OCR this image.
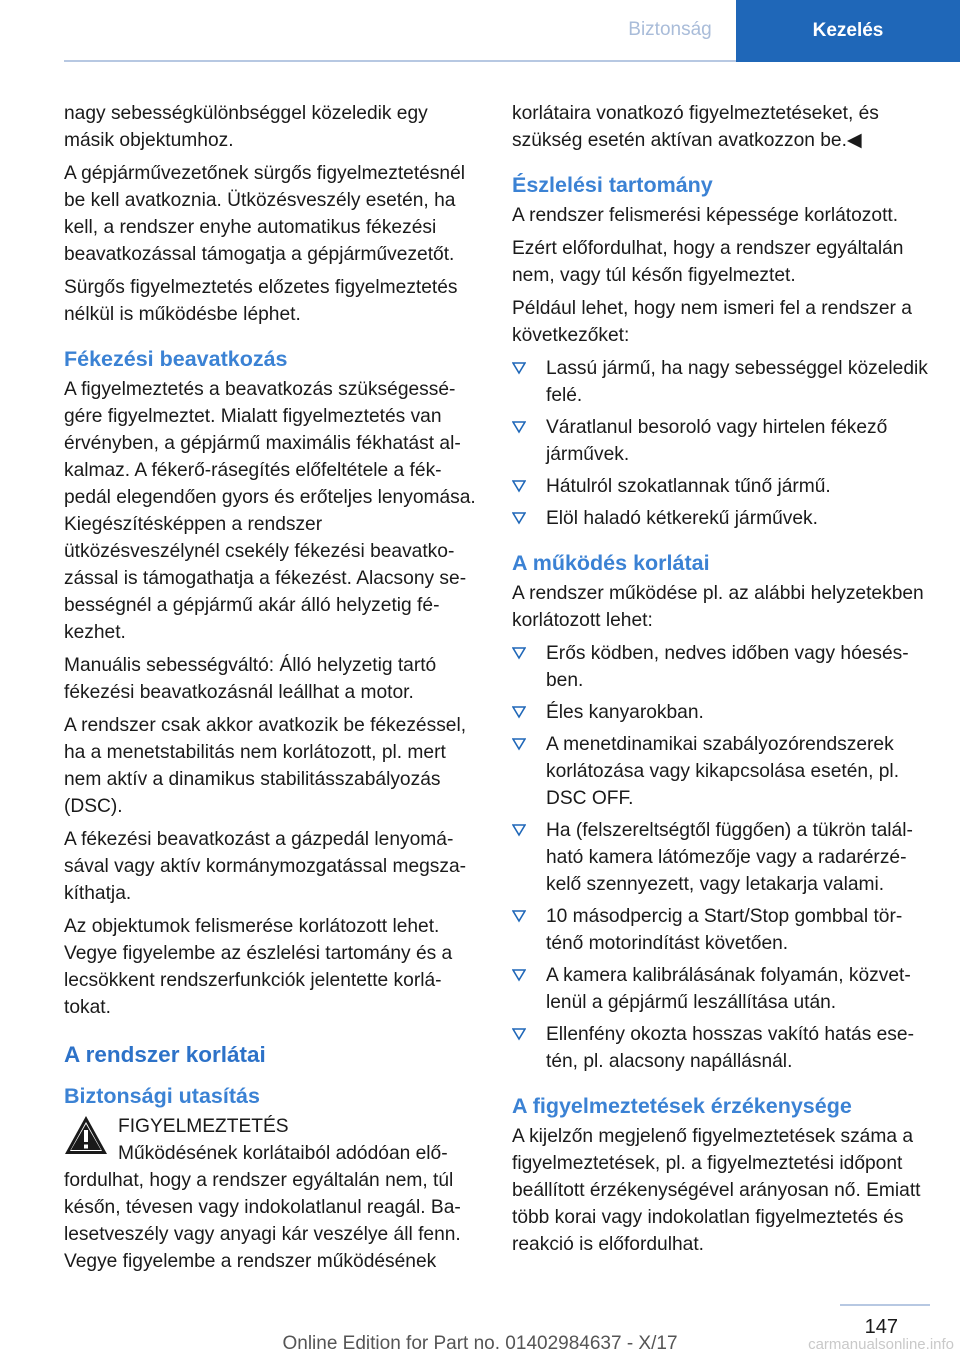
Biztonság	Kezelés

nagy sebességkülönbséggel közeledik egy másik objektumhoz.

A gépjárművezetőnek sürgős figyelmeztetésnél be kell avatkoznia. Ütközésveszély esetén, ha kell, a rendszer enyhe automatikus fékezési beavatkozással támogatja a gépjárművezetőt.

Sürgős figyelmeztetés előzetes figyelmeztetés nélkül is működésbe léphet.

Fékezési beavatkozás

A figyelmeztetés a beavatkozás szükségességére figyelmeztet. Mialatt figyelmeztetés van érvényben, a gépjármű maximális fékhatást alkalmaz. A fékerő-rásegítés előfeltétele a fékpedál elegendően gyors és erőteljes lenyomása. Kiegészítésképpen a rendszer ütközésveszélynél csekély fékezési beavatkozással is támogathatja a fékezést. Alacsony sebességnél a gépjármű akár álló helyzetig fékezhet.

Manuális sebességváltó: Álló helyzetig tartó fékezési beavatkozásnál leállhat a motor.

A rendszer csak akkor avatkozik be fékezéssel, ha a menetstabilitás nem korlátozott, pl. mert nem aktív a dinamikus stabilitásszabályozás (DSC).

A fékezési beavatkozást a gázpedál lenyomásával vagy aktív kormánymozgatással megszakíthatja.

Az objektumok felismerése korlátozott lehet. Vegye figyelembe az észlelési tartomány és a lecsökkent rendszerfunkciók jelentette korlátokat.

A rendszer korlátai
Biztonsági utasítás
FIGYELMEZTETÉS
Működésének korlátaiból adódóan előfordulhat, hogy a rendszer egyáltalán nem, túl későn, tévesen vagy indokolatlanul reagál. Balesetveszély vagy anyagi kár veszélye áll fenn. Vegye figyelembe a rendszer működésének

korlátaira vonatkozó figyelmeztetéseket, és szükség esetén aktívan avatkozzon be.◀

Észlelési tartomány

A rendszer felismerési képessége korlátozott.

Ezért előfordulhat, hogy a rendszer egyáltalán nem, vagy túl későn figyelmeztet.

Például lehet, hogy nem ismeri fel a rendszer a következőket:

Lassú jármű, ha nagy sebességgel közeledik felé.
Váratlanul besoroló vagy hirtelen fékező járművek.
Hátulról szokatlannak tűnő jármű.
Elöl haladó kétkerekű járművek.
A működés korlátai

A rendszer működése pl. az alábbi helyzetekben korlátozott lehet:

Erős ködben, nedves időben vagy hóesésben.
Éles kanyarokban.
A menetdinamikai szabályozórendszerek korlátozása vagy kikapcsolása esetén, pl. DSC OFF.
Ha (felszereltségtől függően) a tükrön található kamera látómezője vagy a radarérzékelő szennyezett, vagy letakarja valami.
10 másodpercig a Start/Stop gombbal történő motorindítást követően.
A kamera kalibrálásának folyamán, közvetlenül a gépjármű leszállítása után.
Ellenfény okozta hosszas vakító hatás esetén, pl. alacsony napállásnál.
A figyelmeztetések érzékenysége

A kijelzőn megjelenő figyelmeztetések száma a figyelmeztetések, pl. a figyelmeztetési időpont beállított érzékenységével arányosan nő. Emiatt több korai vagy indokolatlan figyelmeztetés és reakció is előfordulhat.

147
Online Edition for Part no. 01402984637 - X/17	carmanualsonline.info
